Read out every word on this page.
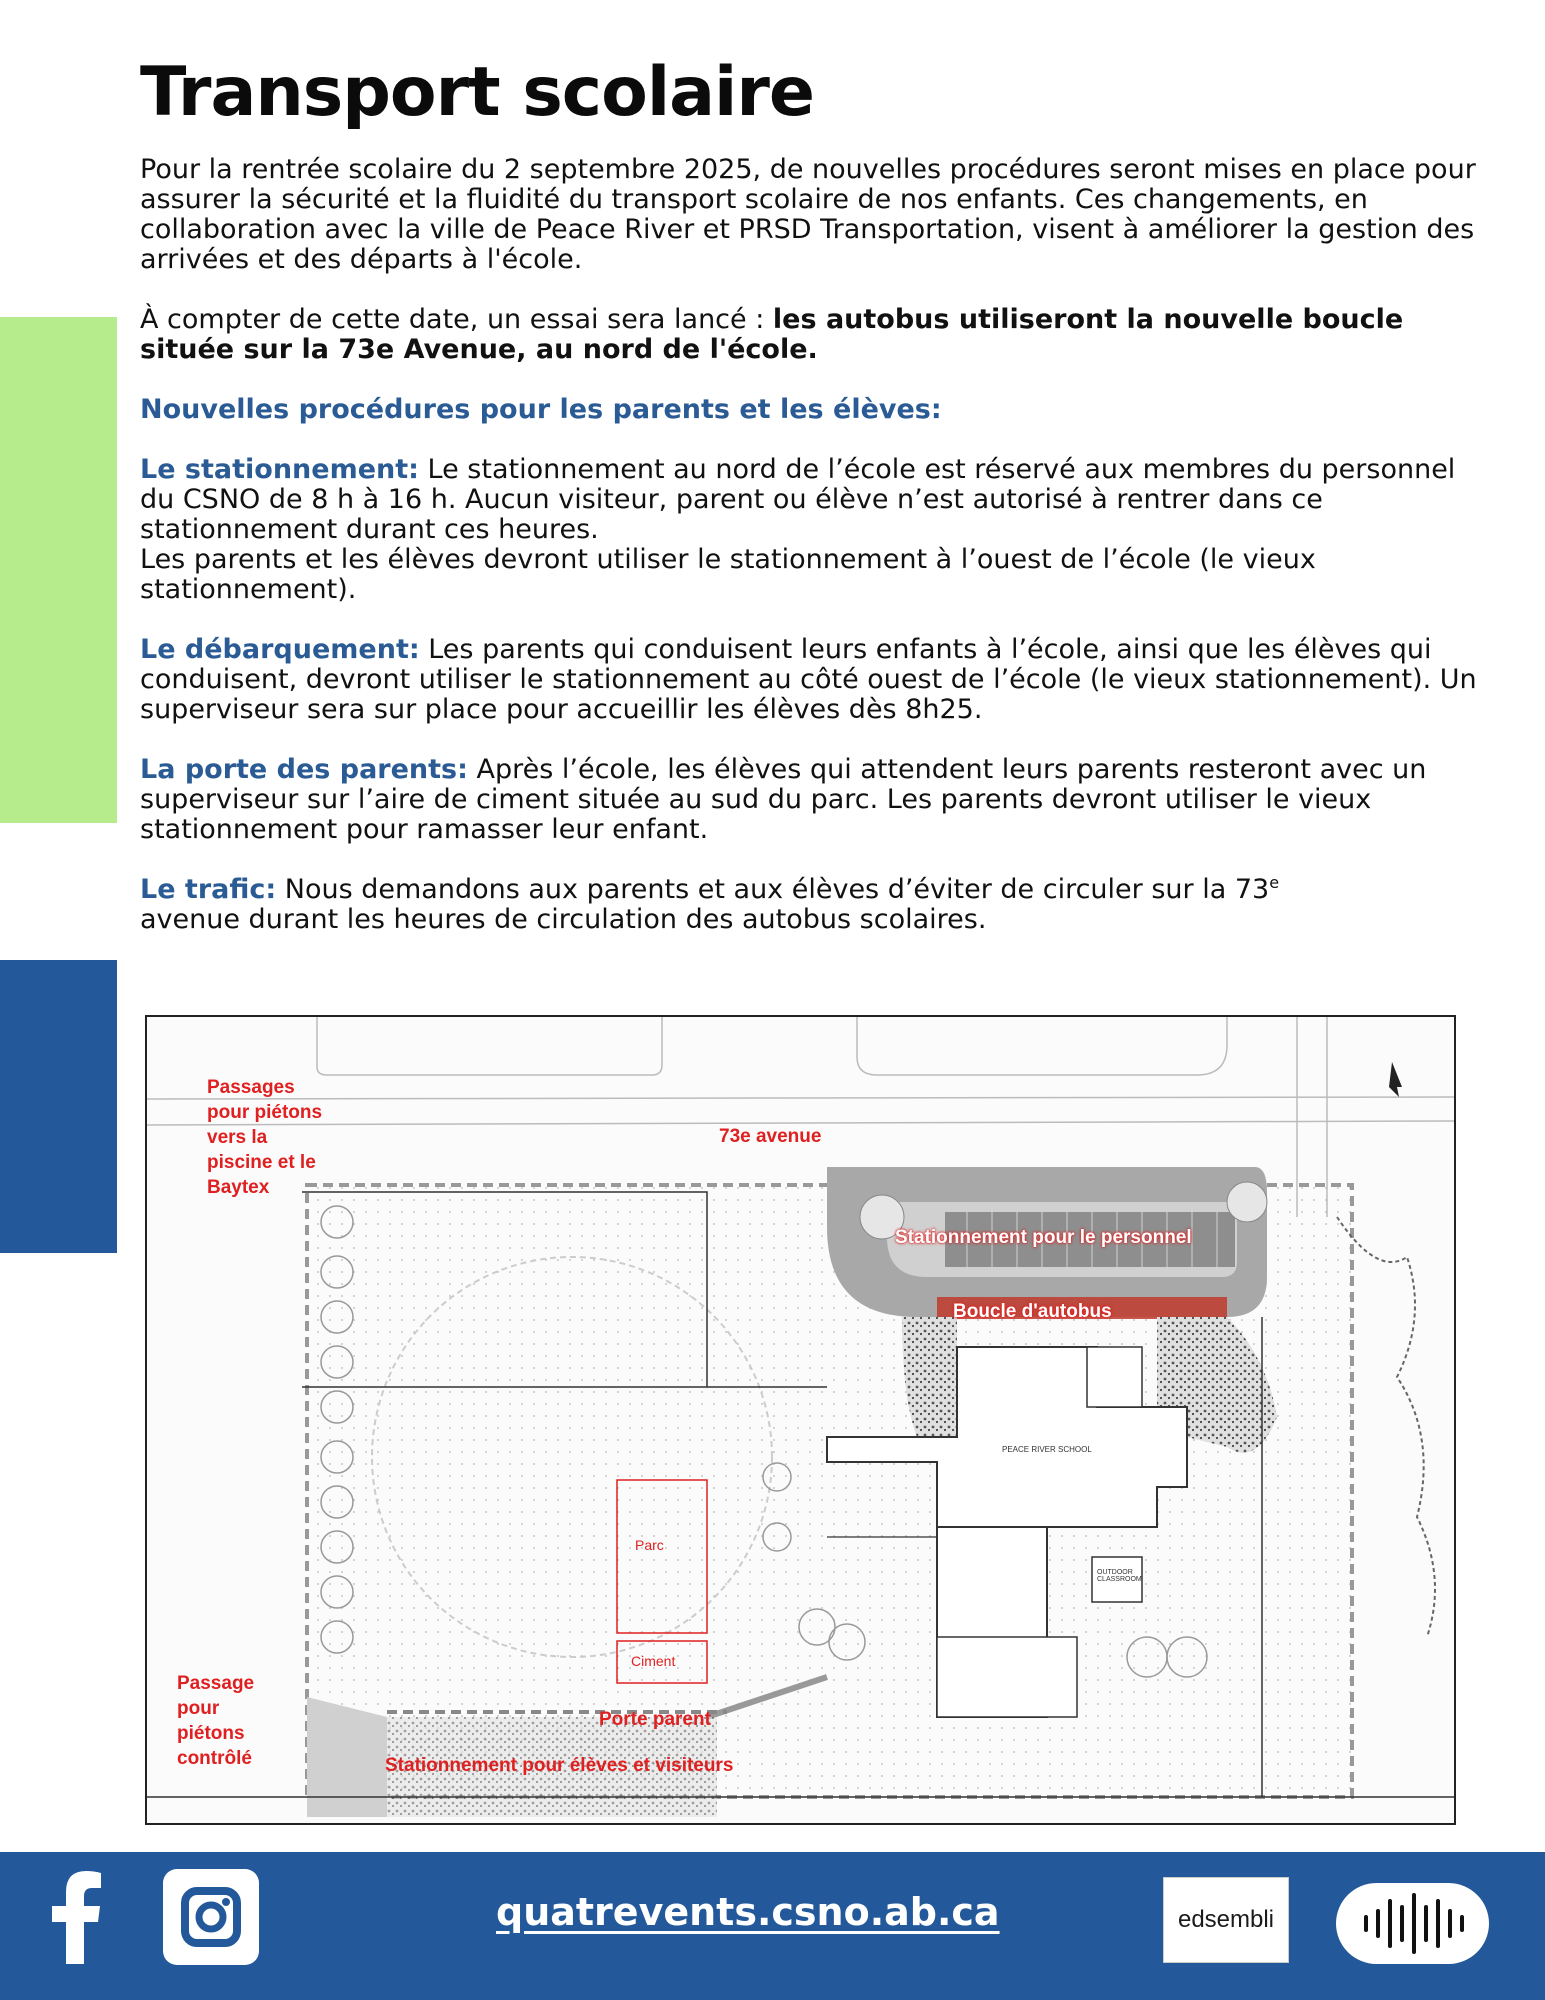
Transport scolaire

Pour la rentrée scolaire du 2 septembre 2025, de nouvelles procédures seront mises en place pour assurer la sécurité et la fluidité du transport scolaire de nos enfants. Ces changements, en collaboration avec la ville de Peace River et PRSD Transportation, visent à améliorer la gestion des arrivées et des départs à l'école.

À compter de cette date, un essai sera lancé : les autobus utiliseront la nouvelle boucle située sur la 73e Avenue, au nord de l'école.

Nouvelles procédures pour les parents et les élèves:

Le stationnement: Le stationnement au nord de l’école est réservé aux membres du personnel du CSNO de 8 h à 16 h. Aucun visiteur, parent ou élève n’est autorisé à rentrer dans ce stationnement durant ces heures.
Les parents et les élèves devront utiliser le stationnement à l’ouest de l’école (le vieux stationnement).

Le débarquement: Les parents qui conduisent leurs enfants à l’école, ainsi que les élèves qui conduisent, devront utiliser le stationnement au côté ouest de l’école (le vieux stationnement). Un superviseur sera sur place pour accueillir les élèves dès 8h25.

La porte des parents: Après l’école, les élèves qui attendent leurs parents resteront avec un superviseur sur l’aire de ciment située au sud du parc. Les parents devront utiliser le vieux stationnement pour ramasser leur enfant.

Le trafic: Nous demandons aux parents et aux élèves d’éviter de circuler sur la 73e
avenue durant les heures de circulation des autobus scolaires.

Passages
pour piétons
vers la
piscine et le
Baytex
73e avenue
Stationnement pour le personnel
Boucle d'autobus
Parc
Ciment
Porte parent
Passage
pour
piétons
contrôlé	Stationnement pour élèves et visiteurs
PEACE RIVER SCHOOL
OUTDOOR
CLASSROOM
quatrevents.csno.ab.ca	edsembli
